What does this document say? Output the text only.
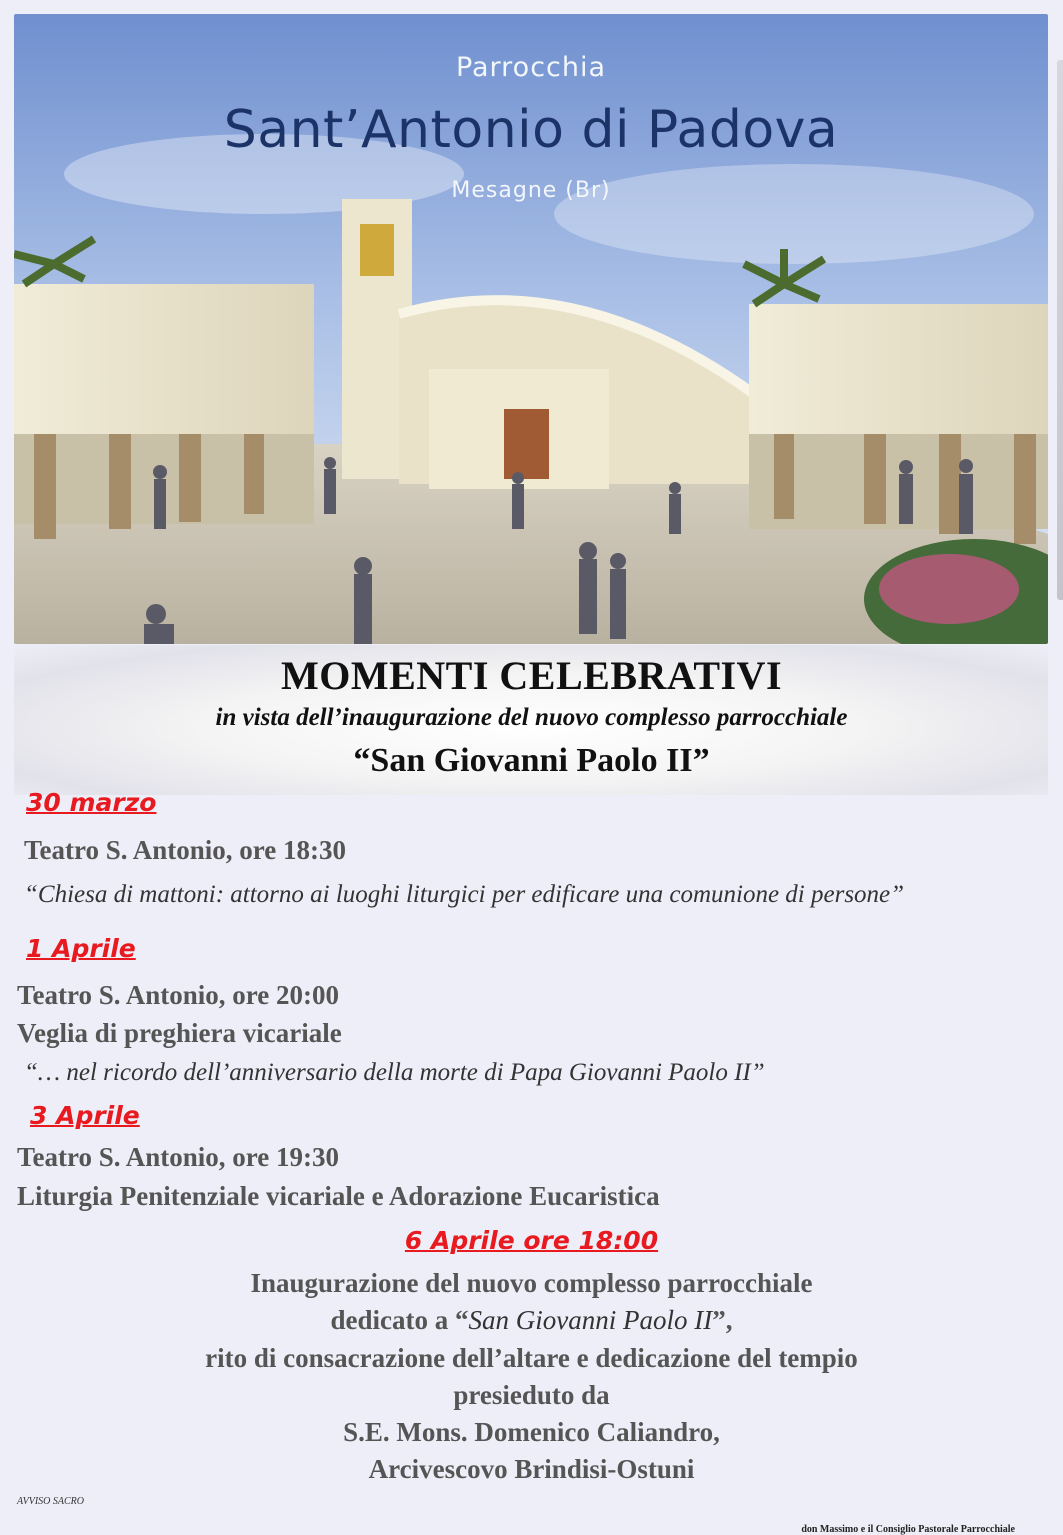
Parrocchia
Sant’Antonio di Padova
Mesagne (Br)
MOMENTI CELEBRATIVI
in vista dell’inaugurazione del nuovo complesso parrocchiale
“San Giovanni Paolo II”
30 marzo
Teatro S. Antonio, ore 18:30
“Chiesa di mattoni: attorno ai luoghi liturgici per edificare una comunione di persone”
1 Aprile
Teatro S. Antonio, ore 20:00
Veglia di preghiera vicariale
“… nel ricordo dell’anniversario della morte di Papa Giovanni Paolo II”
3 Aprile
Teatro S. Antonio, ore 19:30
Liturgia Penitenziale vicariale e Adorazione Eucaristica
6 Aprile ore 18:00
Inaugurazione del nuovo complesso parrocchiale
dedicato a “San Giovanni Paolo II”,
rito di consacrazione dell’altare e dedicazione del tempio
presieduto da
S.E. Mons. Domenico Caliandro,
Arcivescovo Brindisi-Ostuni
AVVISO SACRO
don Massimo e il Consiglio Pastorale Parrocchiale
